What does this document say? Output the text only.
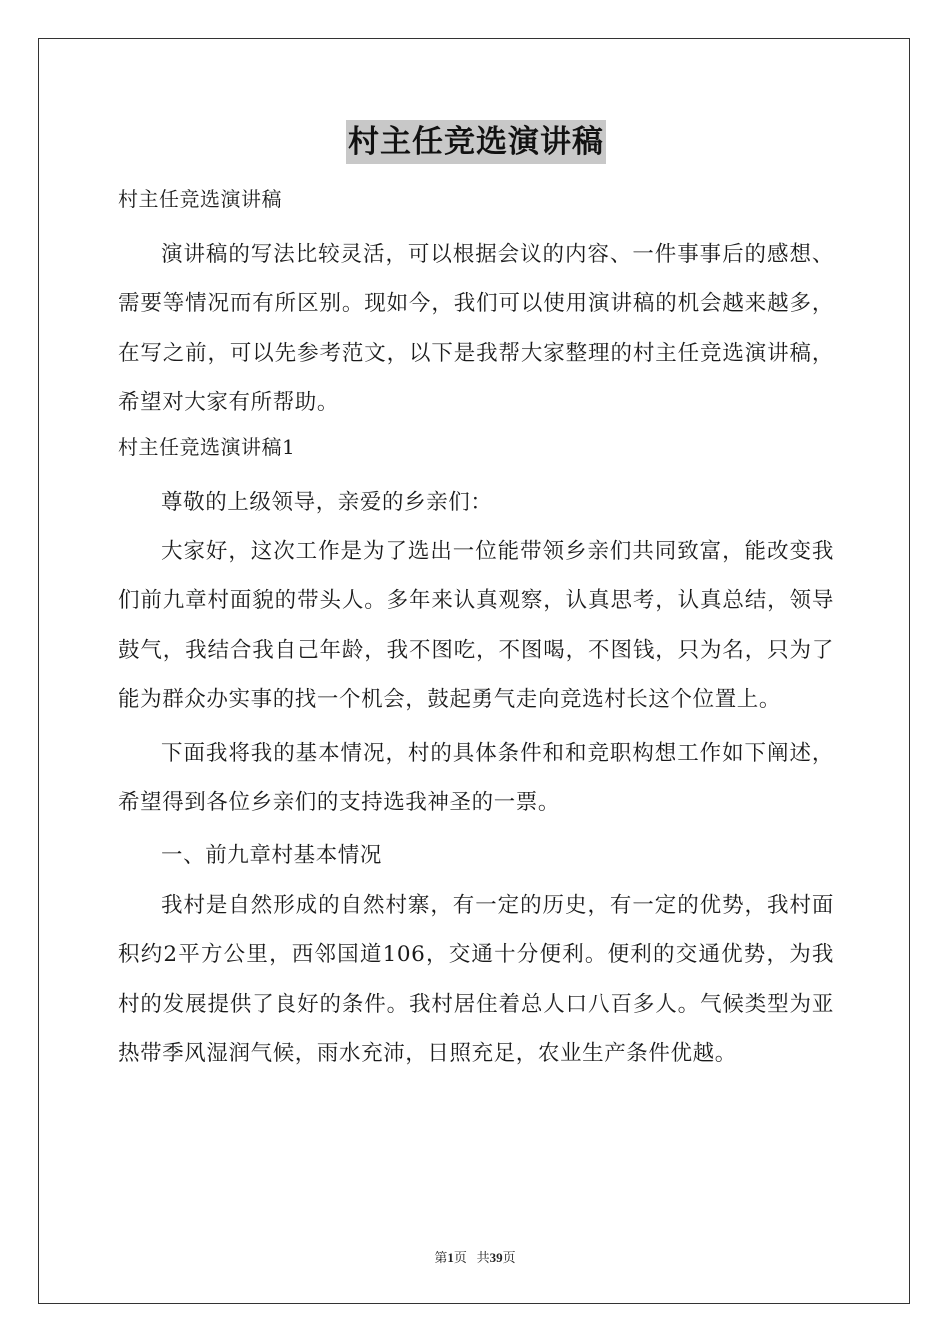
村主任竞选演讲稿
村主任竞选演讲稿

演讲稿的写法比较灵活，可以根据会议的内容、一件事事后的感想、需要等情况而有所区别。现如今，我们可以使用演讲稿的机会越来越多，在写之前，可以先参考范文，以下是我帮大家整理的村主任竞选演讲稿，希望对大家有所帮助。

村主任竞选演讲稿1

尊敬的上级领导，亲爱的乡亲们：

大家好，这次工作是为了选出一位能带领乡亲们共同致富，能改变我们前九章村面貌的带头人。多年来认真观察，认真思考，认真总结，领导鼓气，我结合我自己年龄，我不图吃，不图喝，不图钱，只为名，只为了能为群众办实事的找一个机会，鼓起勇气走向竞选村长这个位置上。

下面我将我的基本情况，村的具体条件和和竞职构想工作如下阐述，希望得到各位乡亲们的支持选我神圣的一票。

一、前九章村基本情况

我村是自然形成的自然村寨，有一定的历史，有一定的优势，我村面积约2平方公里，西邻国道106，交通十分便利。便利的交通优势，为我村的发展提供了良好的条件。我村居住着总人口八百多人。气候类型为亚热带季风湿润气候，雨水充沛，日照充足，农业生产条件优越。

第1页 共39页
